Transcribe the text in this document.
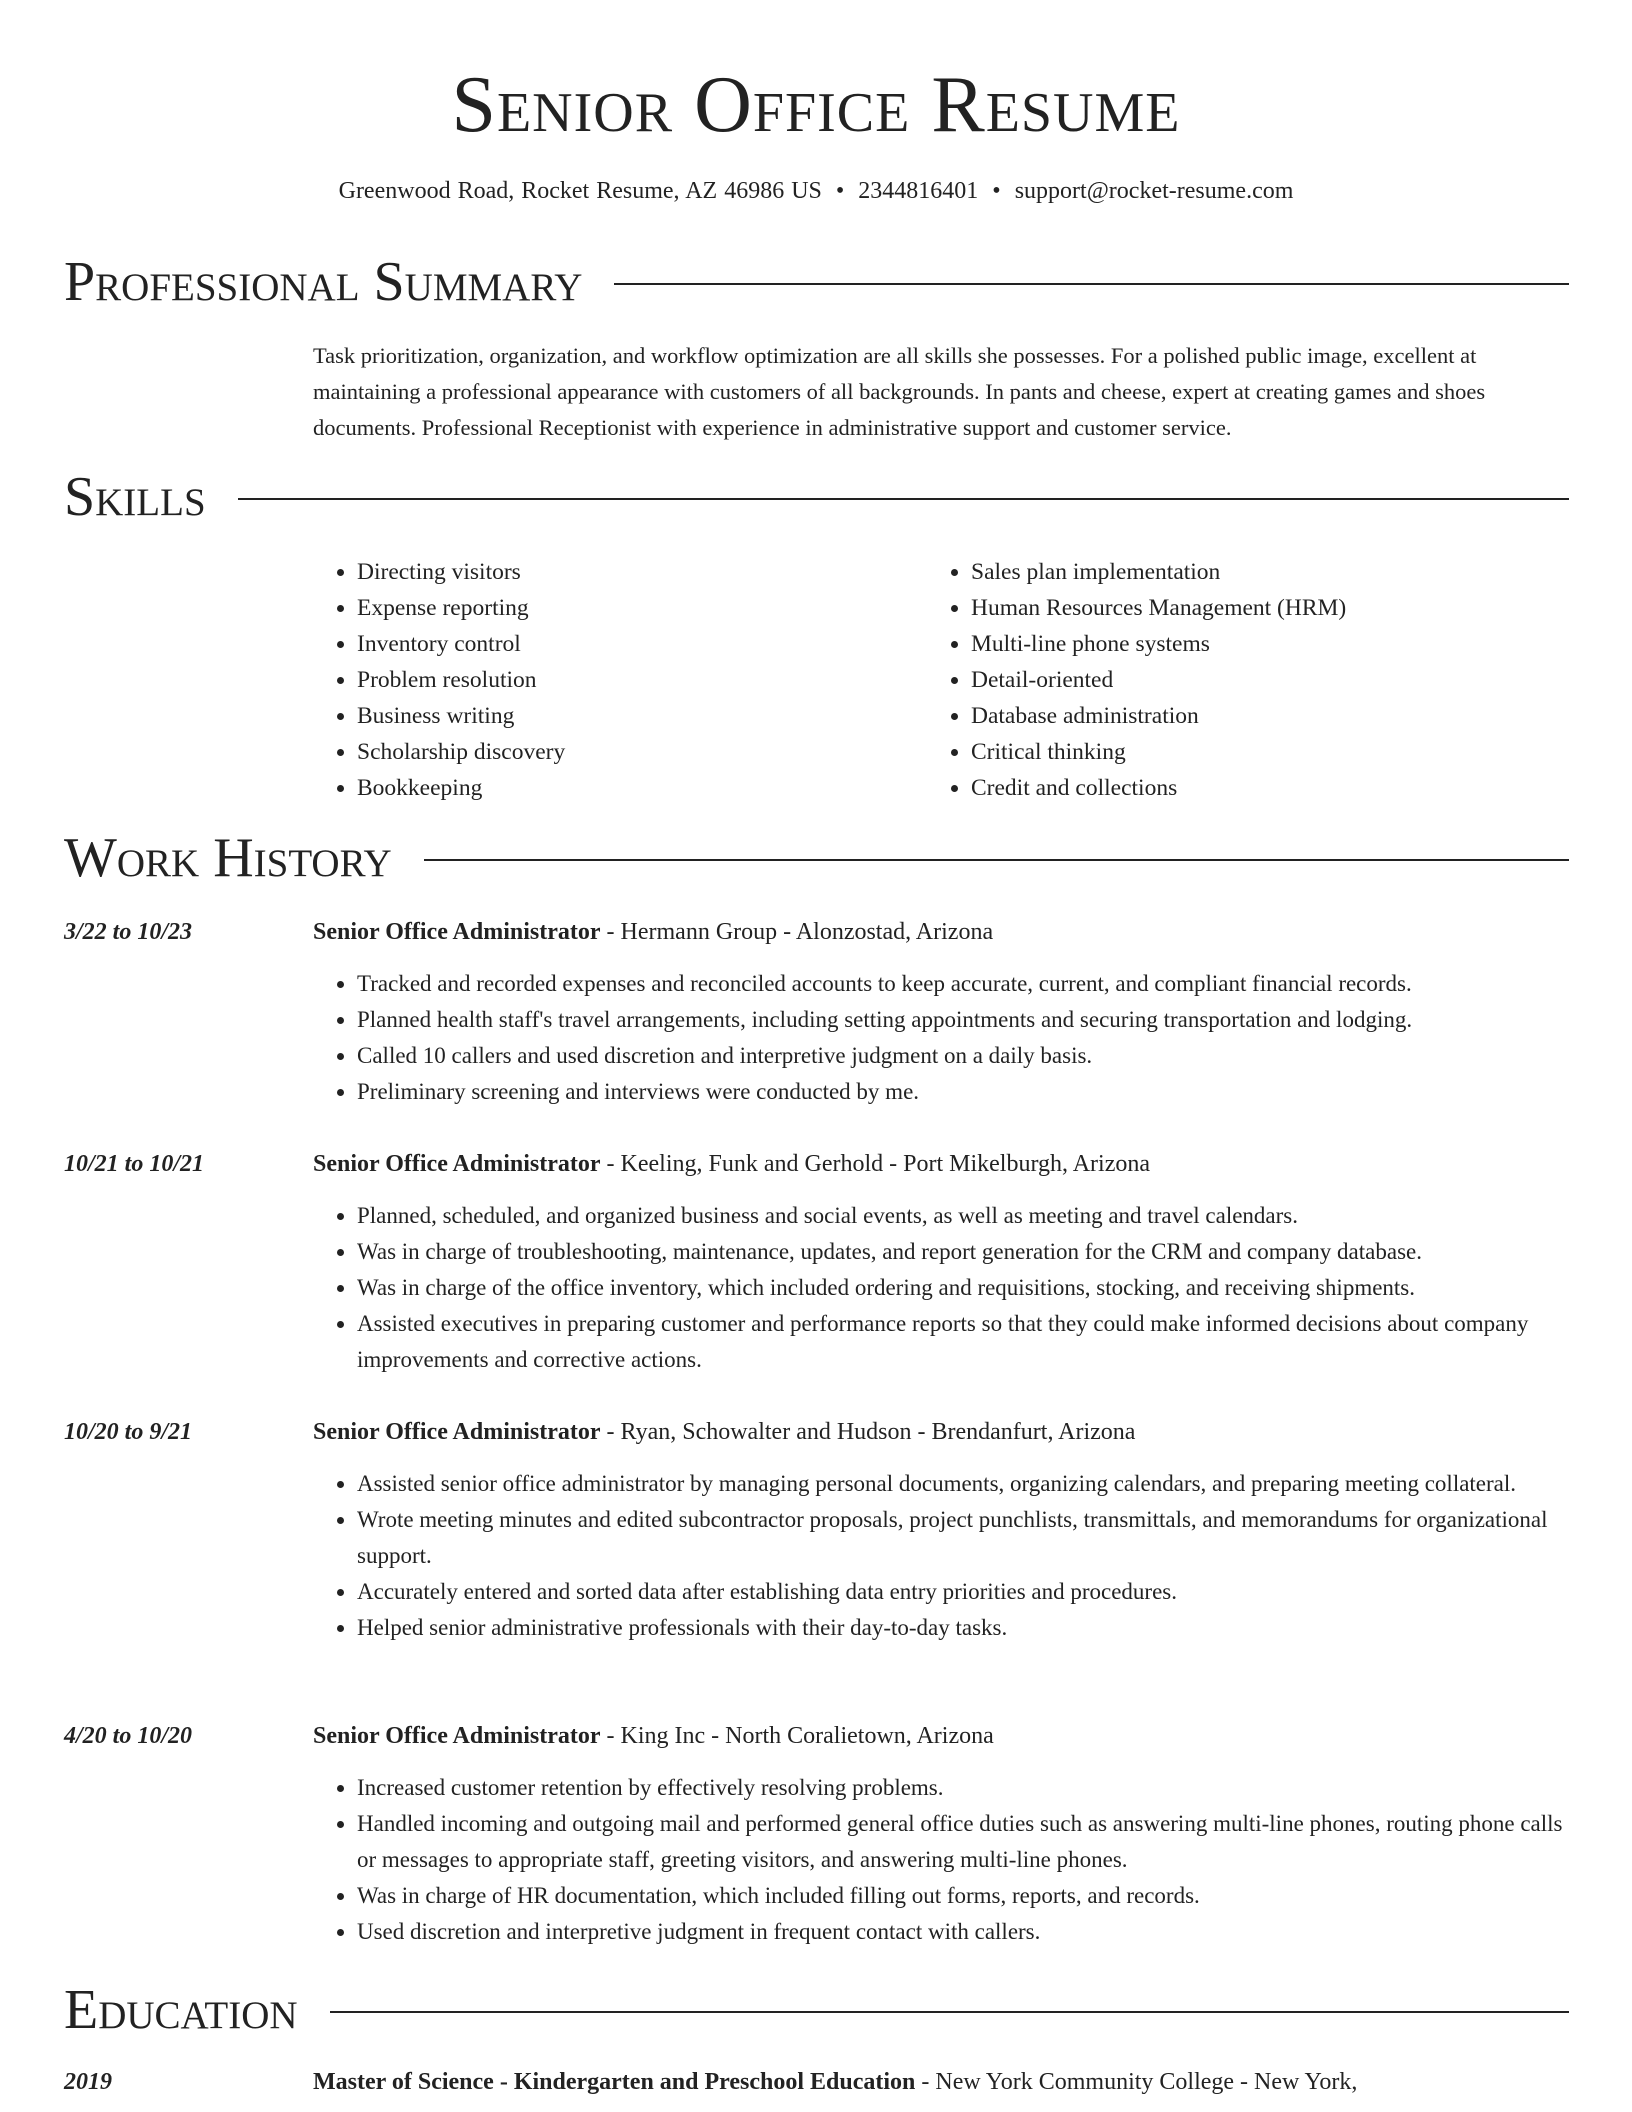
Senior Office Resume
Greenwood Road, Rocket Resume, AZ 46986 US • 2344816401 • support@rocket-resume.com
Professional Summary

Task prioritization, organization, and workflow optimization are all skills she possesses. For a polished public image, excellent at maintaining a professional appearance with customers of all backgrounds. In pants and cheese, expert at creating games and shoes documents. Professional Receptionist with experience in administrative support and customer service.

Skills
• Directing visitors
• Expense reporting
• Inventory control
• Problem resolution
• Business writing
• Scholarship discovery
• Bookkeeping
• Sales plan implementation
• Human Resources Management (HRM)
• Multi-line phone systems
• Detail-oriented
• Database administration
• Critical thinking
• Credit and collections
Work History
3/22 to 10/23	Senior Office Administrator - Hermann Group - Alonzostad, Arizona
• Tracked and recorded expenses and reconciled accounts to keep accurate, current, and compliant financial records.
• Planned health staff's travel arrangements, including setting appointments and securing transportation and lodging.
• Called 10 callers and used discretion and interpretive judgment on a daily basis.
• Preliminary screening and interviews were conducted by me.
10/21 to 10/21	Senior Office Administrator - Keeling, Funk and Gerhold - Port Mikelburgh, Arizona
• Planned, scheduled, and organized business and social events, as well as meeting and travel calendars.
• Was in charge of troubleshooting, maintenance, updates, and report generation for the CRM and company database.
• Was in charge of the office inventory, which included ordering and requisitions, stocking, and receiving shipments.
• Assisted executives in preparing customer and performance reports so that they could make informed decisions about company improvements and corrective actions.
10/20 to 9/21	Senior Office Administrator - Ryan, Schowalter and Hudson - Brendanfurt, Arizona
• Assisted senior office administrator by managing personal documents, organizing calendars, and preparing meeting collateral.
• Wrote meeting minutes and edited subcontractor proposals, project punchlists, transmittals, and memorandums for organizational support.
• Accurately entered and sorted data after establishing data entry priorities and procedures.
• Helped senior administrative professionals with their day-to-day tasks.
4/20 to 10/20	Senior Office Administrator - King Inc - North Coralietown, Arizona
• Increased customer retention by effectively resolving problems.
• Handled incoming and outgoing mail and performed general office duties such as answering multi-line phones, routing phone calls or messages to appropriate staff, greeting visitors, and answering multi-line phones.
• Was in charge of HR documentation, which included filling out forms, reports, and records.
• Used discretion and interpretive judgment in frequent contact with callers.
Education
2019	Master of Science - Kindergarten and Preschool Education - New York Community College - New York,
